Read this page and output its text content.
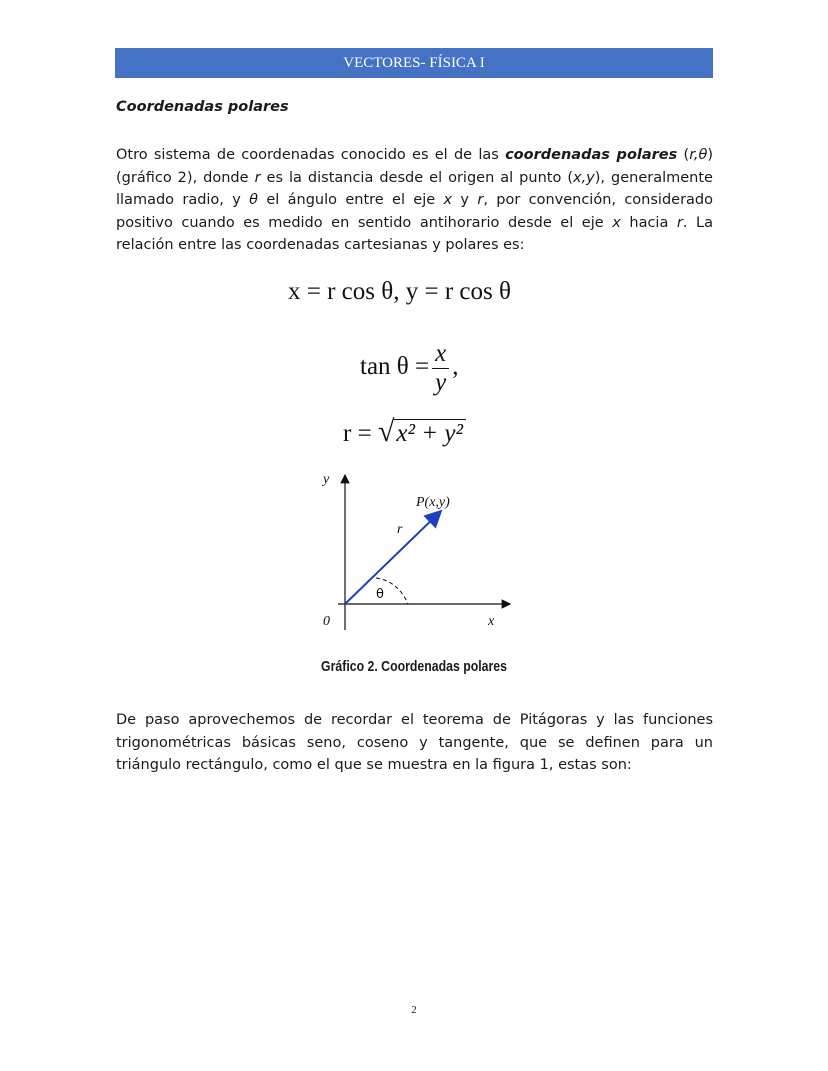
VECTORES- FÍSICA I
Coordenadas polares
Otro sistema de coordenadas conocido es el de las coordenadas polares (r,θ) (gráfico 2), donde r es la distancia desde el origen al punto (x,y), generalmente llamado radio, y θ el ángulo entre el eje x y r, por convención, considerado positivo cuando es medido en sentido antihorario desde el eje x hacia r. La relación entre las coordenadas cartesianas y polares es:
x = r cos θ, y = r cos θ
$\tan \theta = \frac{x}{y}$ ,
r = √x² + y²
y
x
0
P(x,y)
r
θ
Gráfico 2. Coordenadas polares
De paso aprovechemos de recordar el teorema de Pitágoras y las funciones trigonométricas básicas seno, coseno y tangente, que se definen para un triángulo rectángulo, como el que se muestra en la figura 1, estas son:
2
